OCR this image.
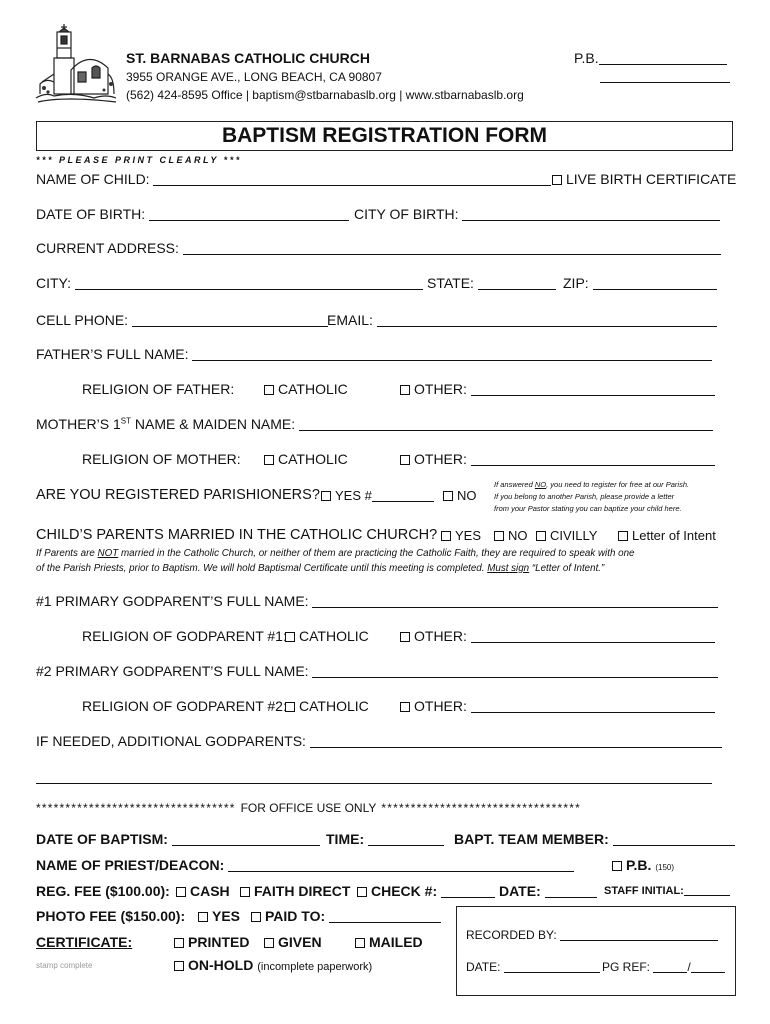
ST. BARNABAS CATHOLIC CHURCH
3955 ORANGE AVE., LONG BEACH, CA 90807
(562) 424-8595 Office | baptism@stbarnabaslb.org | www.stbarnabaslb.org
P.B.
BAPTISM REGISTRATION FORM
*** PLEASE PRINT CLEARLY ***
NAME OF CHILD:	LIVE BIRTH CERTIFICATE
DATE OF BIRTH:	CITY OF BIRTH:
CURRENT ADDRESS:
CITY:	STATE:	ZIP:
CELL PHONE:	EMAIL:
FATHER’S FULL NAME:
RELIGION OF FATHER:	CATHOLIC	OTHER:
MOTHER’S 1ST NAME & MAIDEN NAME:
RELIGION OF MOTHER:	CATHOLIC	OTHER:
ARE YOU REGISTERED PARISHIONERS?	YES #	NO
If answered NO, you need to register for free at our Parish.
If you belong to another Parish, please provide a letter
from your Pastor stating you can baptize your child here.
CHILD’S PARENTS MARRIED IN THE CATHOLIC CHURCH?	YES	NO	CIVILLY	Letter of Intent
If Parents are NOT married in the Catholic Church, or neither of them are practicing the Catholic Faith, they are required to speak with one
of the Parish Priests, prior to Baptism. We will hold Baptismal Certificate until this meeting is completed. Must sign “Letter of Intent.”
#1 PRIMARY GODPARENT’S FULL NAME:
RELIGION OF GODPARENT #1: CATHOLIC	OTHER:
#2 PRIMARY GODPARENT’S FULL NAME:
RELIGION OF GODPARENT #2: CATHOLIC	OTHER:
IF NEEDED, ADDITIONAL GODPARENTS:
********************************** FOR OFFICE USE ONLY **********************************
DATE OF BAPTISM:	TIME:	BAPT. TEAM MEMBER:
NAME OF PRIEST/DEACON:	P.B. (150)
REG. FEE ($100.00):	CASH	FAITH DIRECT	CHECK #:	DATE:	STAFF INITIAL:
PHOTO FEE ($150.00):	YES	PAID TO:
CERTIFICATE:	PRINTED	GIVEN	MAILED
stamp complete	ON-HOLD (incomplete paperwork)
RECORDED BY:
DATE:	PG REF:	/
